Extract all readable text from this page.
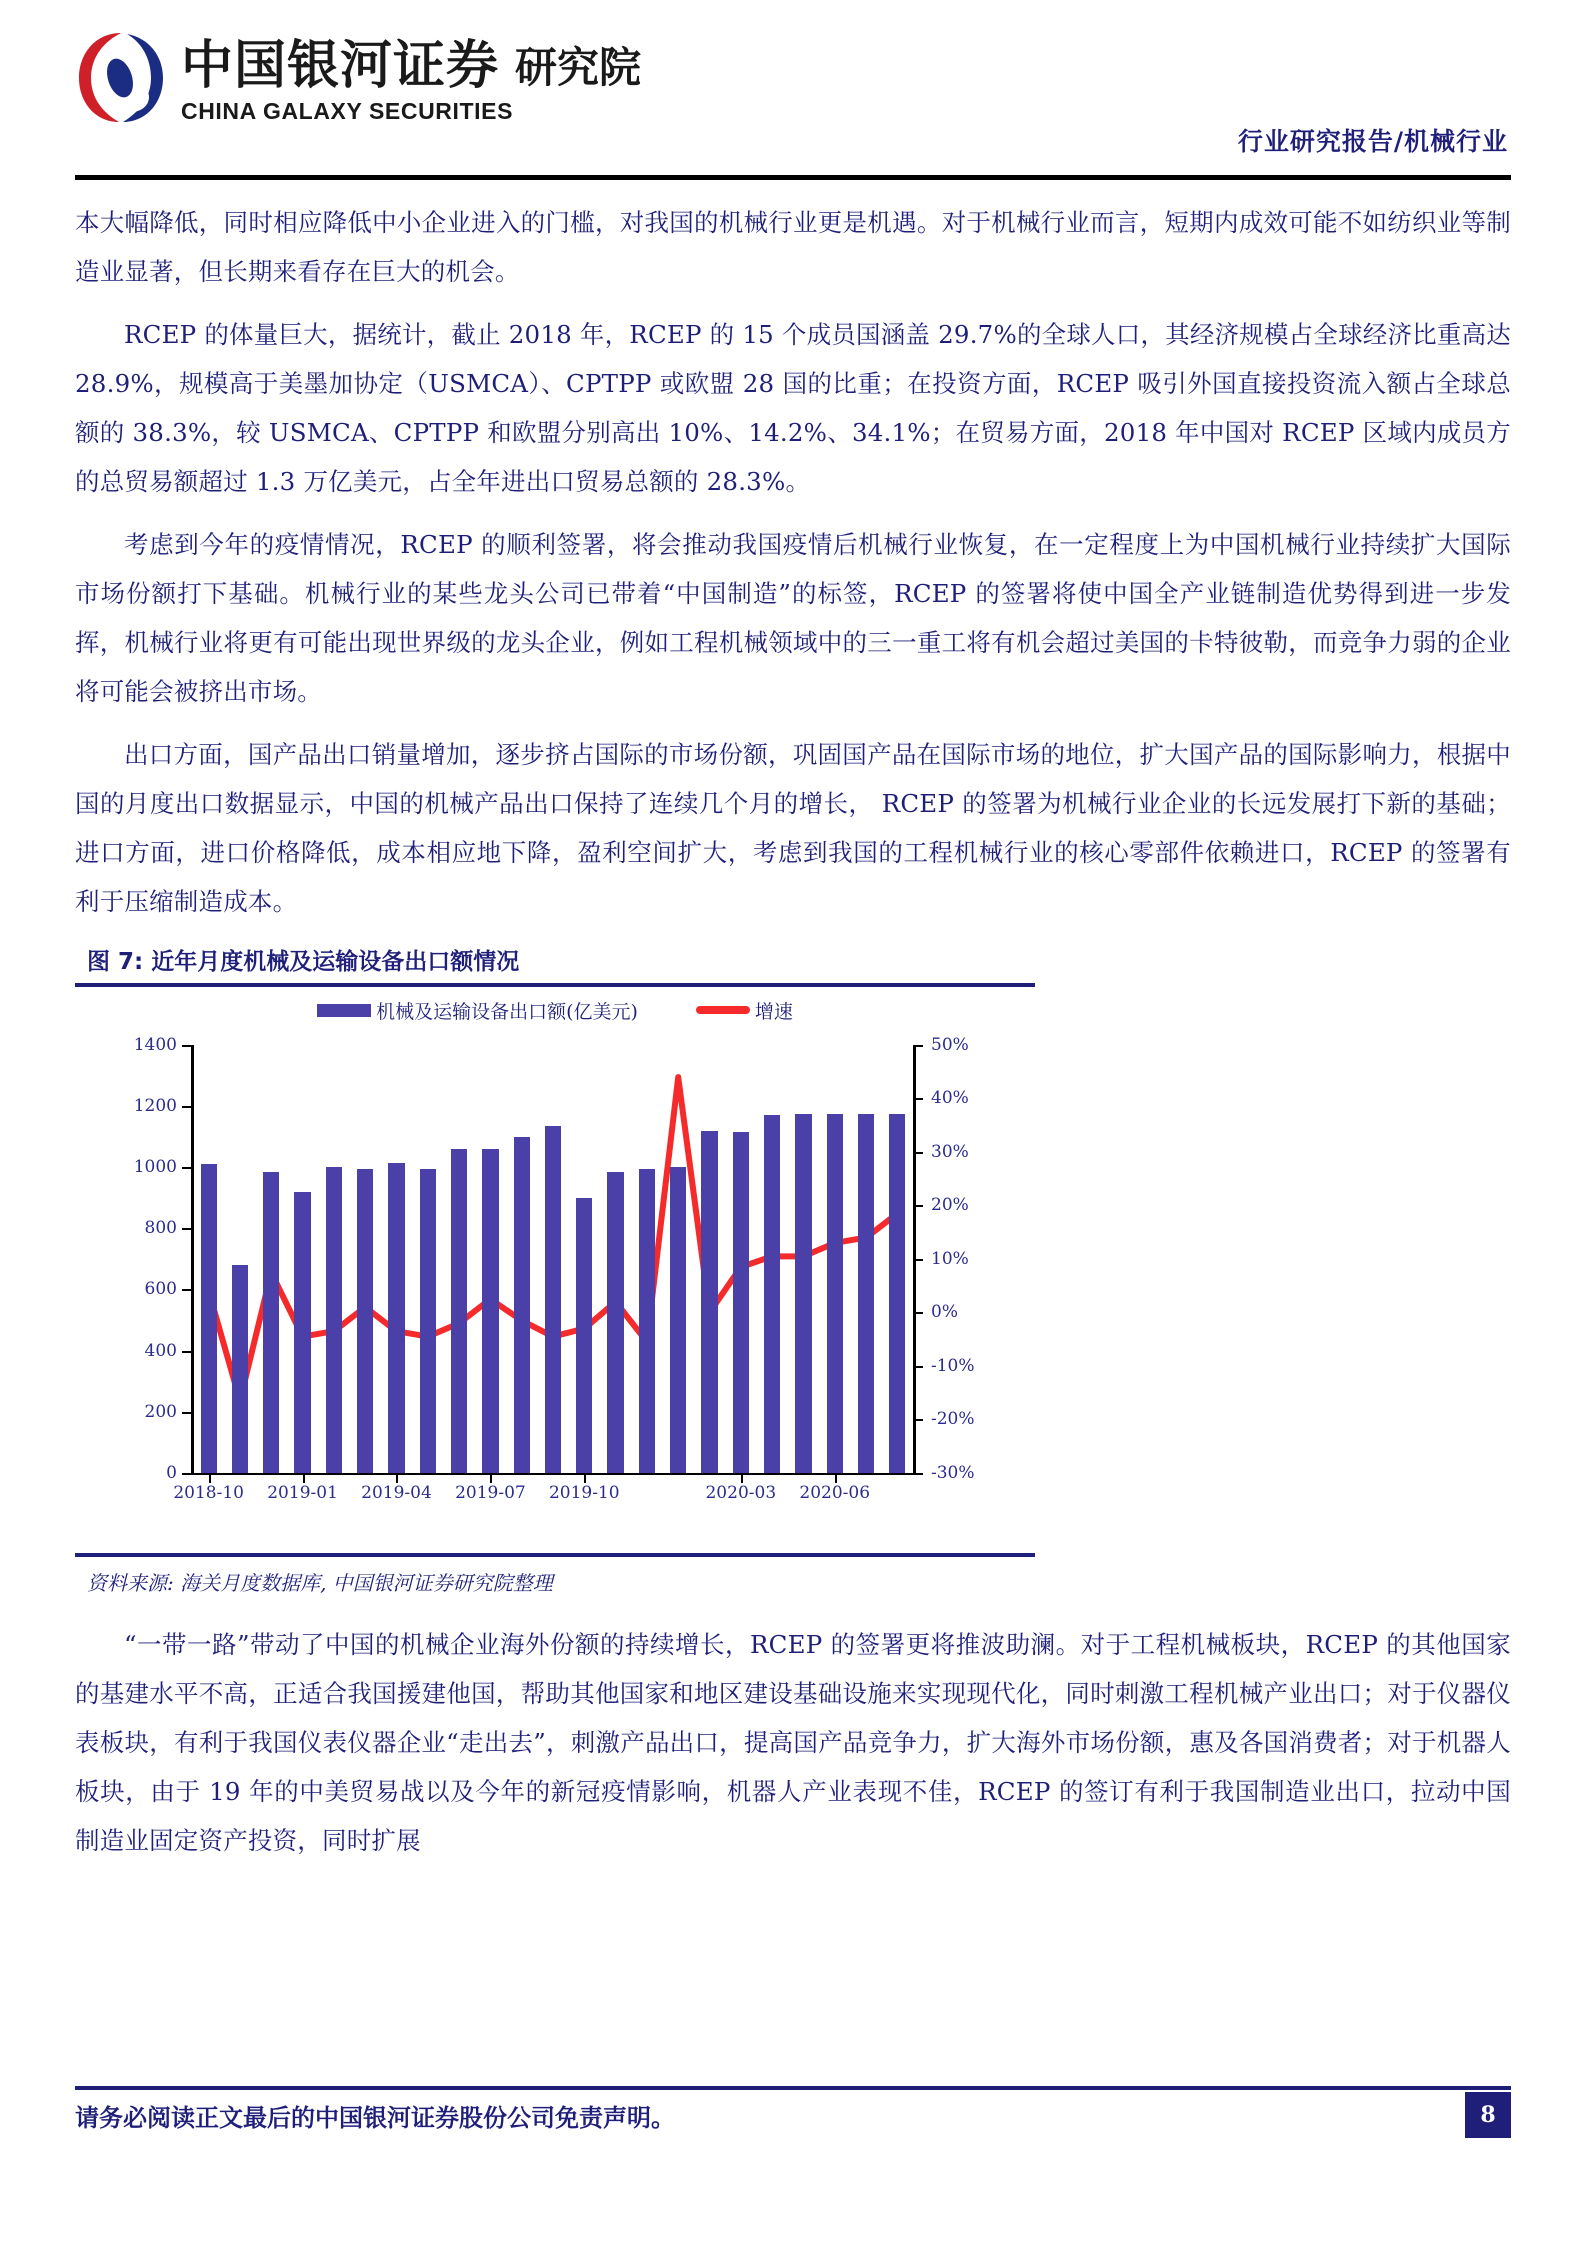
中国银河证券 研究院
CHINA GALAXY SECURITIES
行业研究报告/机械行业

本大幅降低，同时相应降低中小企业进入的门槛，对我国的机械行业更是机遇。对于机械行业而言，短期内成效可能不如纺织业等制造业显著，但长期来看存在巨大的机会。

RCEP 的体量巨大，据统计，截止 2018 年，RCEP 的 15 个成员国涵盖 29.7%的全球人口，其经济规模占全球经济比重高达 28.9%，规模高于美墨加协定（USMCA）、CPTPP 或欧盟 28 国的比重；在投资方面，RCEP 吸引外国直接投资流入额占全球总额的 38.3%，较 USMCA、CPTPP 和欧盟分别高出 10%、14.2%、34.1%；在贸易方面，2018 年中国对 RCEP 区域内成员方的总贸易额超过 1.3 万亿美元，占全年进出口贸易总额的 28.3%。

考虑到今年的疫情情况，RCEP 的顺利签署，将会推动我国疫情后机械行业恢复，在一定程度上为中国机械行业持续扩大国际市场份额打下基础。机械行业的某些龙头公司已带着“中国制造”的标签，RCEP 的签署将使中国全产业链制造优势得到进一步发挥，机械行业将更有可能出现世界级的龙头企业，例如工程机械领域中的三一重工将有机会超过美国的卡特彼勒，而竞争力弱的企业将可能会被挤出市场。

出口方面，国产品出口销量增加，逐步挤占国际的市场份额，巩固国产品在国际市场的地位，扩大国产品的国际影响力，根据中国的月度出口数据显示，中国的机械产品出口保持了连续几个月的增长， RCEP 的签署为机械行业企业的长远发展打下新的基础；进口方面，进口价格降低，成本相应地下降，盈利空间扩大，考虑到我国的工程机械行业的核心零部件依赖进口，RCEP 的签署有利于压缩制造成本。

图 7: 近年月度机械及运输设备出口额情况
机械及运输设备出口额(亿美元)	增速
0
200
400
600
800
1000
1200
1400
-30%
-20%
-10%
0%
10%
20%
30%
40%
50%
2018-10 2019-01 2019-04 2019-07 2019-10	2020-03 2020-06
资料来源: 海关月度数据库, 中国银河证券研究院整理

“一带一路”带动了中国的机械企业海外份额的持续增长，RCEP 的签署更将推波助澜。对于工程机械板块，RCEP 的其他国家的基建水平不高，正适合我国援建他国，帮助其他国家和地区建设基础设施来实现现代化，同时刺激工程机械产业出口；对于仪器仪表板块，有利于我国仪表仪器企业“走出去”，刺激产品出口，提高国产品竞争力，扩大海外市场份额，惠及各国消费者；对于机器人板块，由于 19 年的中美贸易战以及今年的新冠疫情影响，机器人产业表现不佳，RCEP 的签订有利于我国制造业出口，拉动中国制造业固定资产投资，同时扩展

请务必阅读正文最后的中国银河证券股份公司免责声明。	8
